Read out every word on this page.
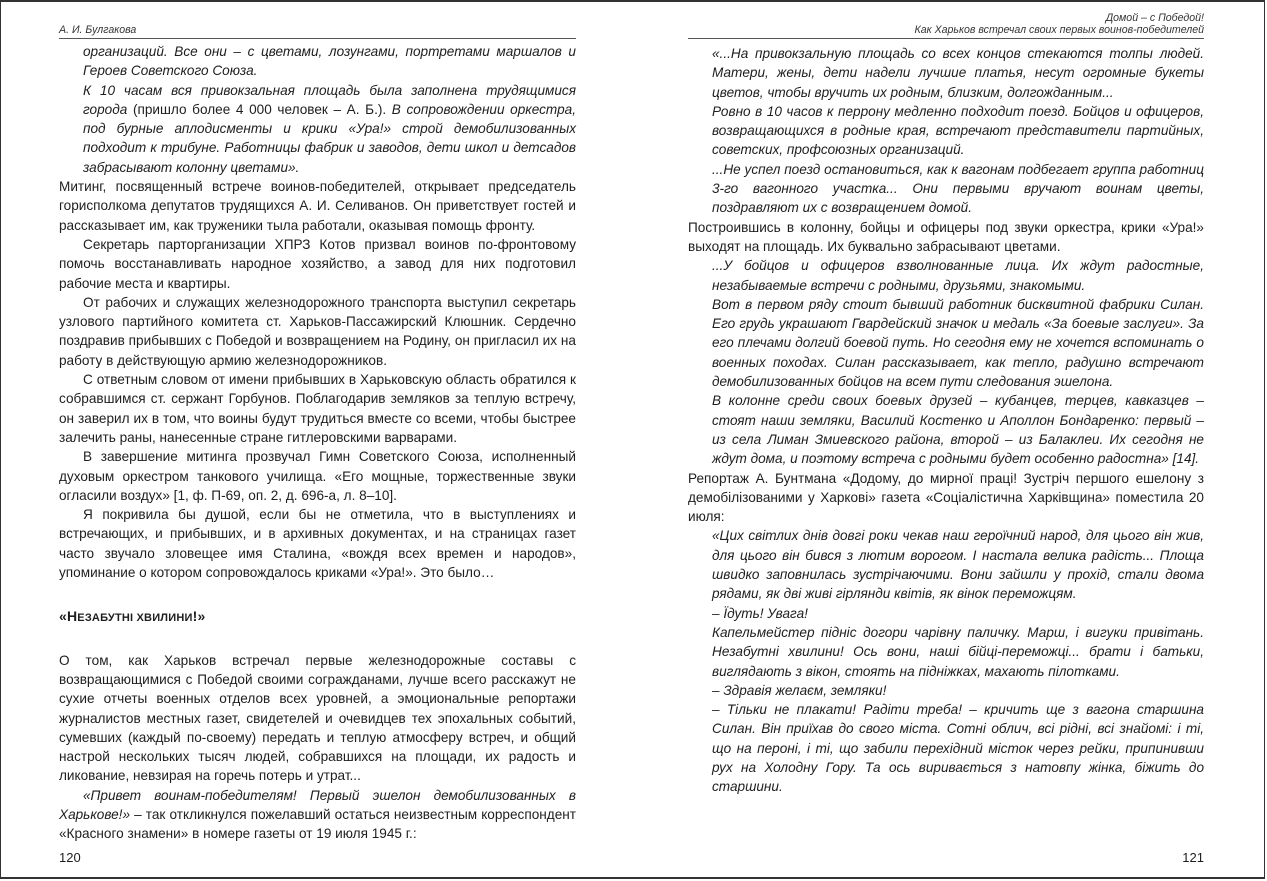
А. И. Булгакова

организаций. Все они – с цветами, лозунгами, портретами маршалов и Героев Советского Союза.

К 10 часам вся привокзальная площадь была заполнена трудящимися города (пришло более 4 000 человек – А. Б.). В сопровождении оркестра, под бурные аплодисменты и крики «Ура!» строй демобилизованных подходит к трибуне. Работницы фабрик и заводов, дети школ и детсадов забрасывают колонну цветами».

Митинг, посвященный встрече воинов-победителей, открывает председатель горисполкома депутатов трудящихся А. И. Селиванов. Он приветствует гостей и рассказывает им, как труженики тыла работали, оказывая помощь фронту.

Секретарь парторганизации ХПРЗ Котов призвал воинов по-фронтовому помочь восстанавливать народное хозяйство, а завод для них подготовил рабочие места и квартиры.

От рабочих и служащих железнодорожного транспорта выступил секретарь узлового партийного комитета ст. Харьков-Пассажирский Клюшник. Сердечно поздравив прибывших с Победой и возвращением на Родину, он пригласил их на работу в действующую армию железнодорожников.

С ответным словом от имени прибывших в Харьковскую область обратился к собравшимся ст. сержант Горбунов. Поблагодарив земляков за теплую встречу, он заверил их в том, что воины будут трудиться вместе со всеми, чтобы быстрее залечить раны, нанесенные стране гитлеровскими варварами.

В завершение митинга прозвучал Гимн Советского Союза, исполненный духовым оркестром танкового училища. «Его мощные, торжественные звуки огласили воздух» [1, ф. П-69, оп. 2, д. 696-а, л. 8–10].

Я покривила бы душой, если бы не отметила, что в выступлениях и встречающих, и прибывших, и в архивных документах, и на страницах газет часто звучало зловещее имя Сталина, «вождя всех времен и народов», упоминание о котором сопровождалось криками «Ура!». Это было…

«НЕЗАБУТНІ ХВИЛИНИ!»

О том, как Харьков встречал первые железнодорожные составы с возвращающимися с Победой своими согражданами, лучше всего расскажут не сухие отчеты военных отделов всех уровней, а эмоциональные репортажи журналистов местных газет, свидетелей и очевидцев тех эпохальных событий, сумевших (каждый по-своему) передать и теплую атмосферу встреч, и общий настрой нескольких тысяч людей, собравшихся на площади, их радость и ликование, невзирая на горечь потерь и утрат...

«Привет воинам-победителям! Первый эшелон демобилизованных в Харькове!» – так откликнулся пожелавший остаться неизвестным корреспондент «Красного знамени» в номере газеты от 19 июля 1945 г.:

120
Домой – с Победой!
Как Харьков встречал своих первых воинов-победителей

«...На привокзальную площадь со всех концов стекаются толпы людей. Матери, жены, дети надели лучшие платья, несут огромные букеты цветов, чтобы вручить их родным, близким, долгожданным...

Ровно в 10 часов к перрону медленно подходит поезд. Бойцов и офицеров, возвращающихся в родные края, встречают представители партийных, советских, профсоюзных организаций.

...Не успел поезд остановиться, как к вагонам подбегает группа работниц 3-го вагонного участка... Они первыми вручают воинам цветы, поздравляют их с возвращением домой.

Построившись в колонну, бойцы и офицеры под звуки оркестра, крики «Ура!» выходят на площадь. Их буквально забрасывают цветами.

...У бойцов и офицеров взволнованные лица. Их ждут радостные, незабываемые встречи с родными, друзьями, знакомыми.

Вот в первом ряду стоит бывший работник бисквитной фабрики Силан. Его грудь украшают Гвардейский значок и медаль «За боевые заслуги». За его плечами долгий боевой путь. Но сегодня ему не хочется вспоминать о военных походах. Силан рассказывает, как тепло, радушно встречают демобилизованных бойцов на всем пути следования эшелона.

В колонне среди своих боевых друзей – кубанцев, терцев, кавказцев – стоят наши земляки, Василий Костенко и Аполлон Бондаренко: первый – из села Лиман Змиевского района, второй – из Балаклеи. Их сегодня не ждут дома, и поэтому встреча с родными будет особенно радостна» [14].

Репортаж А. Бунтмана «Додому, до мирної праці! Зустріч першого ешелону з демобілізованими у Харкові» газета «Соціалістична Харківщина» поместила 20 июля:

«Цих світлих днів довгі роки чекав наш героїчний народ, для цього він жив, для цього він бився з лютим ворогом. І настала велика радість... Площа швидко заповнилась зустрічаючими. Вони зайшли у прохід, стали двома рядами, як дві живі гірлянди квітів, як вінок переможцям.

– Їдуть! Увага!

Капельмейстер підніс догори чарівну паличку. Марш, і вигуки привітань. Незабутні хвилини! Ось вони, наші бійці-переможці... брати і батьки, виглядають з вікон, стоять на підніжках, махають пілотками.

– Здравія желаєм, земляки!

– Тільки не плакати! Радіти треба! – кричить ще з вагона старшина Силан. Він приїхав до свого міста. Сотні облич, всі рідні, всі знайомі: і ті, що на пероні, і ті, що забили перехідний місток через рейки, припинивши рух на Холодну Гору. Та ось виривається з натовпу жінка, біжить до старшини.

121
